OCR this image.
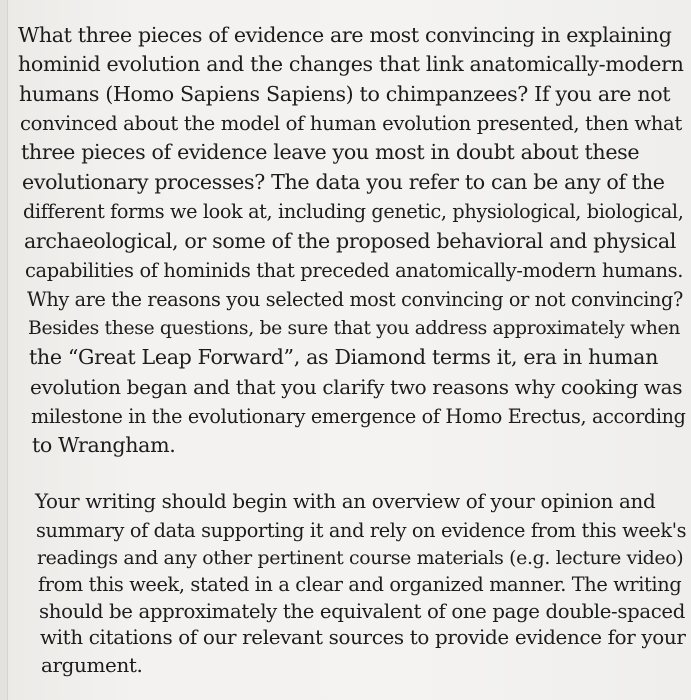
What three pieces of evidence are most convincing in explaining
hominid evolution and the changes that link anatomically-modern
humans (Homo Sapiens Sapiens) to chimpanzees? If you are not
convinced about the model of human evolution presented, then what
three pieces of evidence leave you most in doubt about these
evolutionary processes? The data you refer to can be any of the
different forms we look at, including genetic, physiological, biological,
archaeological, or some of the proposed behavioral and physical
capabilities of hominids that preceded anatomically-modern humans.
Why are the reasons you selected most convincing or not convincing?
Besides these questions, be sure that you address approximately when
the “Great Leap Forward”, as Diamond terms it, era in human
evolution began and that you clarify two reasons why cooking was
milestone in the evolutionary emergence of Homo Erectus, according
to Wrangham.
Your writing should begin with an overview of your opinion and
summary of data supporting it and rely on evidence from this week's
readings and any other pertinent course materials (e.g. lecture video)
from this week, stated in a clear and organized manner. The writing
should be approximately the equivalent of one page double-spaced
with citations of our relevant sources to provide evidence for your
argument.
